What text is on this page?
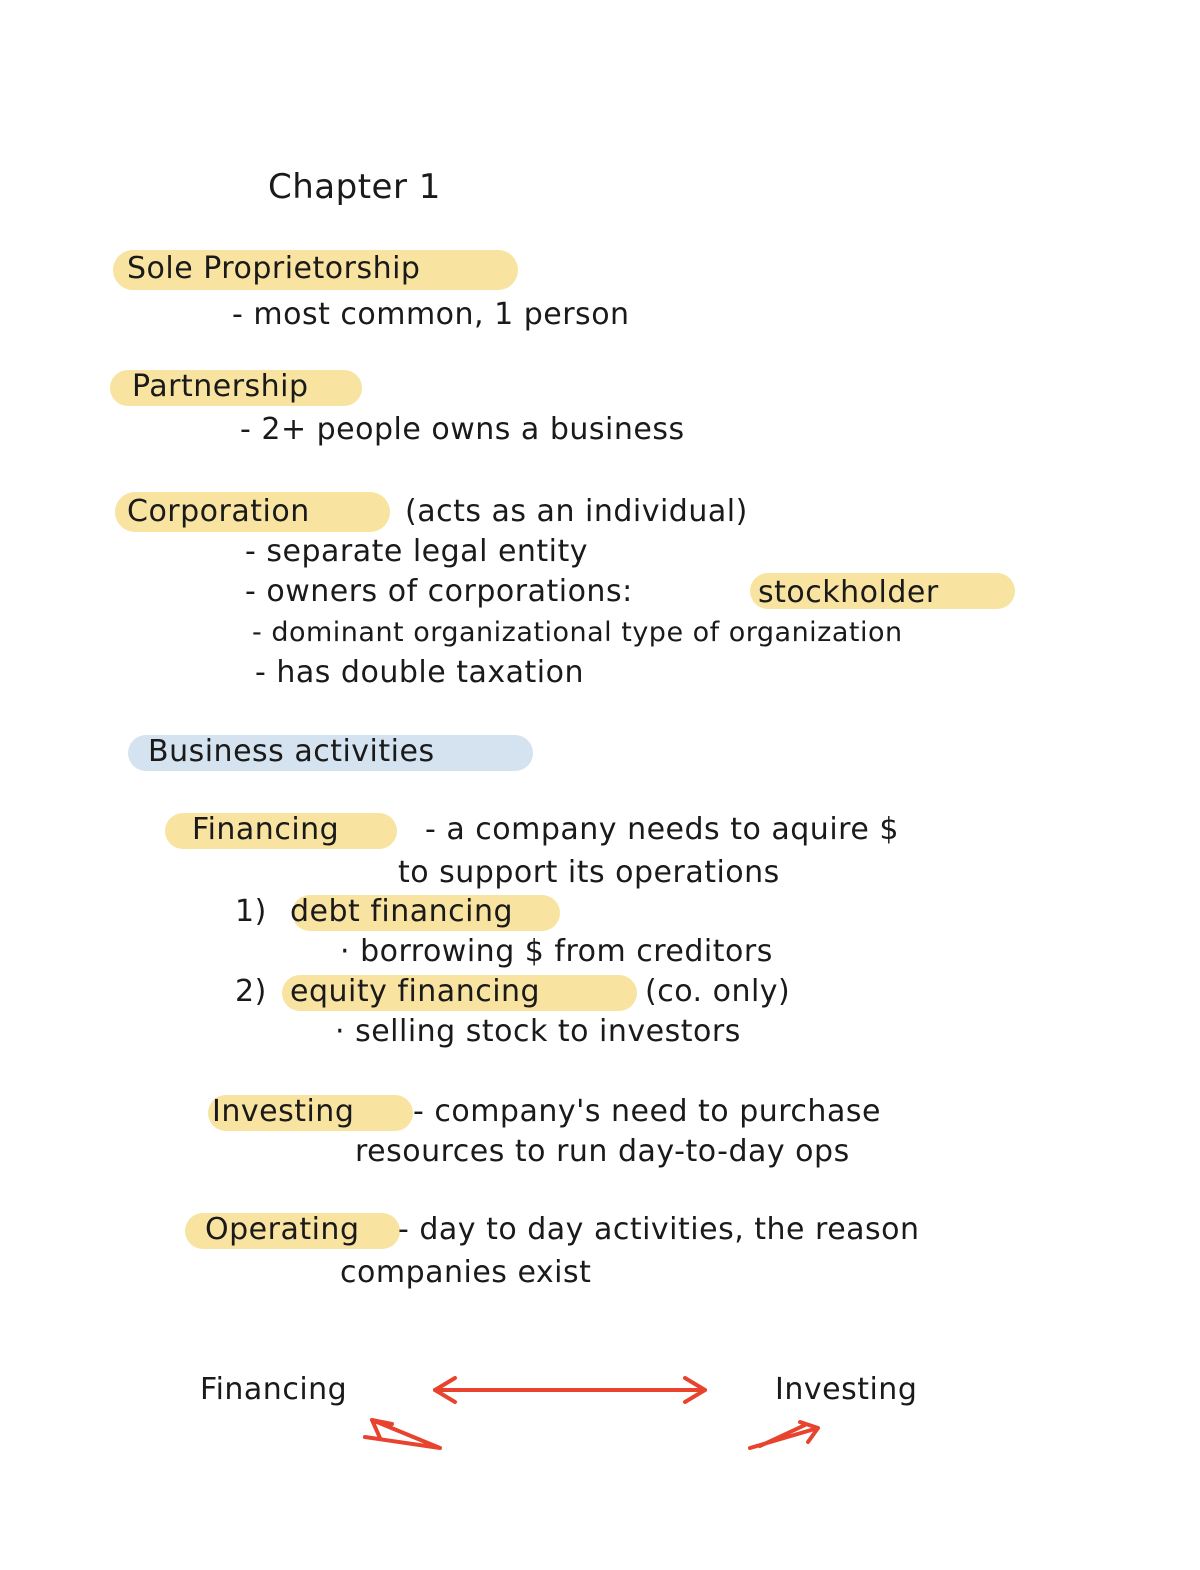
Chapter 1
Sole Proprietorship
- most common, 1 person
Partnership
- 2+ people owns a business
Corporation	(acts as an individual)
- separate legal entity
- owners of corporations:	stockholder
- dominant organizational type of organization
- has double taxation
Business activities
Financing	- a company needs to aquire $
to support its operations
1) debt financing
· borrowing $ from creditors
2) equity financing	(co. only)
· selling stock to investors
Investing - company's need to purchase
resources to run day-to-day ops
Operating - day to day activities, the reason
companies exist
Financing	Investing
